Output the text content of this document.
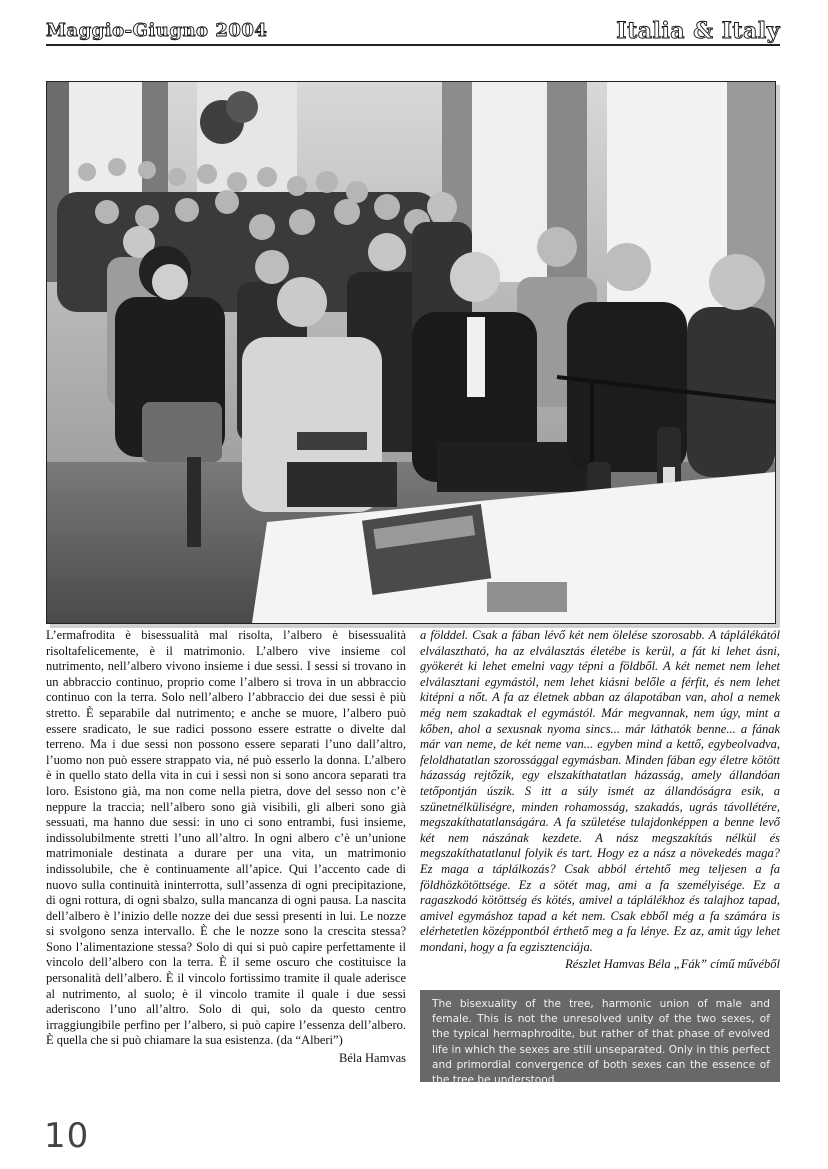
Maggio-Giugno 2004	Italia & Italy

L’ermafrodita è bisessualità mal risolta, l’albero è bisessualità risoltafelicemente, è il matrimonio. L’albero vive insieme col nutrimento, nell’albero vivono insieme i due sessi. I sessi si trovano in un abbraccio continuo, proprio come l’albero si trova in un abbraccio continuo con la terra. Solo nell’albero l’abbraccio dei due sessi è più stretto. È separabile dal nutrimento; e anche se muore, l’albero può essere sradicato, le sue radici possono essere estratte o divelte dal terreno. Ma i due sessi non possono essere separati l’uno dall’altro, l’uomo non può essere strappato via, né può esserlo la donna. L’albero è in quello stato della vita in cui i sessi non si sono ancora separati tra loro. Esistono già, ma non come nella pietra, dove del sesso non c’è neppure la traccia; nell’albero sono già visibili, gli alberi sono già sessuati, ma hanno due sessi: in uno ci sono entrambi, fusi insieme, indissolubilmente stretti l’uno all’altro. In ogni albero c’è un’unione matrimoniale destinata a durare per una vita, un matrimonio indissolubile, che è continuamente all’apice. Qui l’accento cade di nuovo sulla continuità ininterrotta, sull’assenza di ogni precipitazione, di ogni rottura, di ogni sbalzo, sulla mancanza di ogni pausa. La nascita dell’albero è l’inizio delle nozze dei due sessi presenti in lui. Le nozze si svolgono senza intervallo. È che le nozze sono la crescita stessa? Sono l’alimentazione stessa? Solo di qui si può capire perfettamente il vincolo dell’albero con la terra. È il seme oscuro che costituisce la personalità dell’albero. È il vincolo fortissimo tramite il quale aderisce al nutrimento, al suolo; è il vincolo tramite il quale i due sessi aderiscono l’uno all’altro. Solo di qui, solo da questo centro irraggiungibile perfino per l’albero, si può capire l’essenza dell’albero. È quella che si può chiamare la sua esistenza. (da “Alberi”)

Béla Hamvas

a földdel. Csak a fában lévő két nem ölelése szorosabb. A táplálékától elválasztható, ha az elválasztás életébe is kerül, a fát ki lehet ásni, gyökerét ki lehet emelni vagy tépni a földből. A két nemet nem lehet elválasztani egymástól, nem lehet kiásni belőle a férfit, és nem lehet kitépni a nőt. A fa az életnek abban az álapotában van, ahol a nemek még nem szakadtak el egymástól. Már megvannak, nem úgy, mint a kőben, ahol a sexusnak nyoma sincs... már láthatók benne... a fának már van neme, de két neme van... egyben mind a kettő, egybeolvadva, feloldhatatlan szorossággal egymásban. Minden fában egy életre kötött házasság rejtőzik, egy elszakíthatatlan házasság, amely állandóan tetőpontján úszik. S itt a súly ismét az állandóságra esik, a szünetnélküliségre, minden rohamosság, szakadás, ugrás távollétére, megszakíthatatlanságára. A fa születése tulajdonképpen a benne levő két nem nászának kezdete. A nász megszakítás nélkül és megszakíthatatlanul folyik és tart. Hogy ez a nász a növekedés maga? Ez maga a táplálkozás? Csak abból értehtő meg teljesen a fa földhözkötöttsége. Ez a sötét mag, ami a fa személyisége. Ez a ragaszkodó kötöttség és kötés, amivel a táplálékhoz és talajhoz tapad, amivel egymáshoz tapad a két nem. Csak ebből még a fa számára is elérhetetlen középpontból érthető meg a fa lénye. Ez az, amit úgy lehet mondani, hogy a fa egzisztenciája.

Részlet Hamvas Béla „Fák” című művéből

The bisexuality of the tree, harmonic union of male and female. This is not the unresolved unity of the two sexes, of the typical hermaphrodite, but rather of that phase of evolved life in which the sexes are still unseparated. Only in this perfect and primordial convergence of both sexes can the essence of the tree be understood.
10
